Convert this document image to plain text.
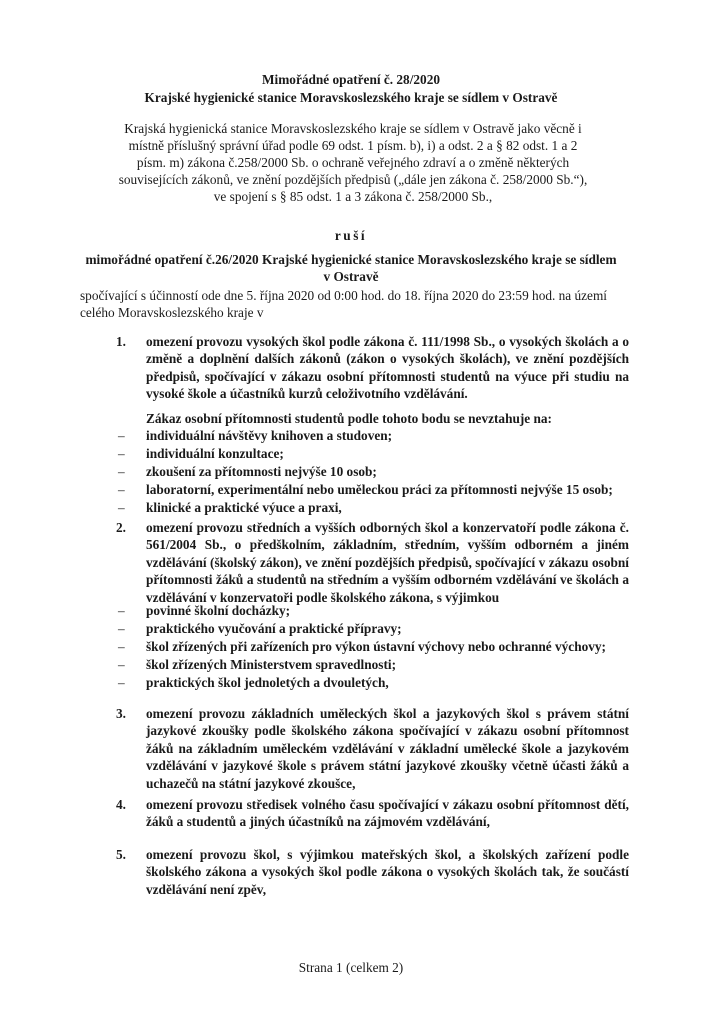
Mimořádné opatření č. 28/2020
Krajské hygienické stanice Moravskoslezského kraje se sídlem v Ostravě
Krajská hygienická stanice Moravskoslezského kraje se sídlem v Ostravě jako věcně i místně příslušný správní úřad podle 69 odst. 1 písm. b), i) a odst. 2 a § 82 odst. 1 a 2 písm. m) zákona č.258/2000 Sb. o ochraně veřejného zdraví a o změně některých souvisejících zákonů, ve znění pozdějších předpisů („dále jen zákona č. 258/2000 Sb.“), ve spojení s § 85 odst. 1 a 3 zákona č. 258/2000 Sb.,
ruší
mimořádné opatření č.26/2020 Krajské hygienické stanice Moravskoslezského kraje se sídlem v Ostravě
spočívající s účinností ode dne 5. října 2020 od 0:00 hod. do 18. října 2020 do 23:59 hod. na území celého Moravskoslezského kraje v
1. omezení provozu vysokých škol podle zákona č. 111/1998 Sb., o vysokých školách a o změně a doplnění dalších zákonů (zákon o vysokých školách), ve znění pozdějších předpisů, spočívající v zákazu osobní přítomnosti studentů na výuce při studiu na vysoké škole a účastníků kurzů celoživotního vzdělávání.
Zákaz osobní přítomnosti studentů podle tohoto bodu se nevztahuje na:
– individuální návštěvy knihoven a studoven;
– individuální konzultace;
– zkoušení za přítomnosti nejvýše 10 osob;
– laboratorní, experimentální nebo uměleckou práci za přítomnosti nejvýše 15 osob;
– klinické a praktické výuce a praxi,
2. omezení provozu středních a vyšších odborných škol a konzervatoří podle zákona č. 561/2004 Sb., o předškolním, základním, středním, vyšším odborném a jiném vzdělávání (školský zákon), ve znění pozdějších předpisů, spočívající v zákazu osobní přítomnosti žáků a studentů na středním a vyšším odborném vzdělávání ve školách a vzdělávání v konzervatoři podle školského zákona, s výjimkou
– povinné školní docházky;
– praktického vyučování a praktické přípravy;
– škol zřízených při zařízeních pro výkon ústavní výchovy nebo ochranné výchovy;
– škol zřízených Ministerstvem spravedlnosti;
– praktických škol jednoletých a dvouletých,
3. omezení provozu základních uměleckých škol a jazykových škol s právem státní jazykové zkoušky podle školského zákona spočívající v zákazu osobní přítomnost žáků na základním uměleckém vzdělávání v základní umělecké škole a jazykovém vzdělávání v jazykové škole s právem státní jazykové zkoušky včetně účasti žáků a uchazečů na státní jazykové zkoušce,
4. omezení provozu středisek volného času spočívající v zákazu osobní přítomnost dětí, žáků a studentů a jiných účastníků na zájmovém vzdělávání,
5. omezení provozu škol, s výjimkou mateřských škol, a školských zařízení podle školského zákona a vysokých škol podle zákona o vysokých školách tak, že součástí vzdělávání není zpěv,
Strana 1 (celkem 2)
